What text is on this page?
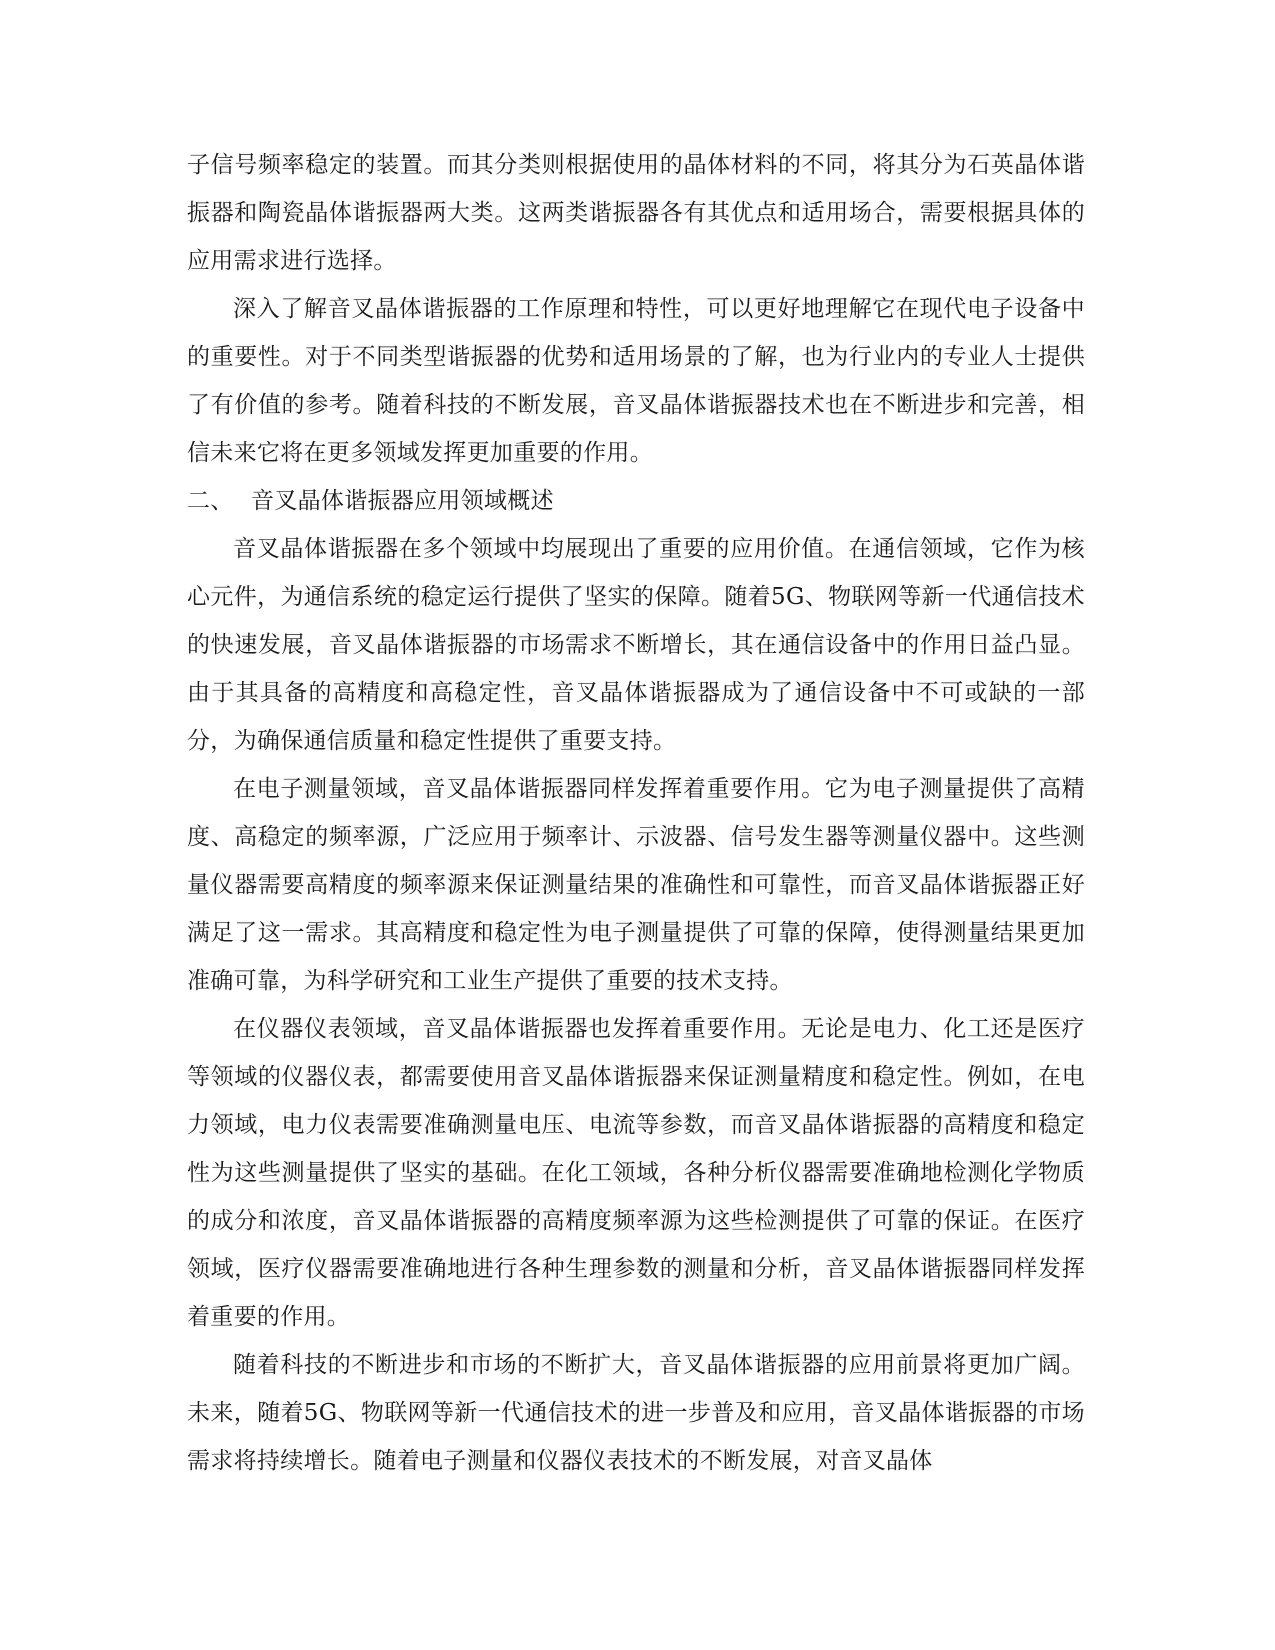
子信号频率稳定的装置。而其分类则根据使用的晶体材料的不同，将其分为石英晶体谐振器和陶瓷晶体谐振器两大类。这两类谐振器各有其优点和适用场合，需要根据具体的应用需求进行选择。

深入了解音叉晶体谐振器的工作原理和特性，可以更好地理解它在现代电子设备中的重要性。对于不同类型谐振器的优势和适用场景的了解，也为行业内的专业人士提供了有价值的参考。随着科技的不断发展，音叉晶体谐振器技术也在不断进步和完善，相信未来它将在更多领域发挥更加重要的作用。

二、 音叉晶体谐振器应用领域概述

音叉晶体谐振器在多个领域中均展现出了重要的应用价值。在通信领域，它作为核心元件，为通信系统的稳定运行提供了坚实的保障。随着5G、物联网等新一代通信技术的快速发展，音叉晶体谐振器的市场需求不断增长，其在通信设备中的作用日益凸显。由于其具备的高精度和高稳定性，音叉晶体谐振器成为了通信设备中不可或缺的一部分，为确保通信质量和稳定性提供了重要支持。

在电子测量领域，音叉晶体谐振器同样发挥着重要作用。它为电子测量提供了高精度、高稳定的频率源，广泛应用于频率计、示波器、信号发生器等测量仪器中。这些测量仪器需要高精度的频率源来保证测量结果的准确性和可靠性，而音叉晶体谐振器正好满足了这一需求。其高精度和稳定性为电子测量提供了可靠的保障，使得测量结果更加准确可靠，为科学研究和工业生产提供了重要的技术支持。

在仪器仪表领域，音叉晶体谐振器也发挥着重要作用。无论是电力、化工还是医疗等领域的仪器仪表，都需要使用音叉晶体谐振器来保证测量精度和稳定性。例如，在电力领域，电力仪表需要准确测量电压、电流等参数，而音叉晶体谐振器的高精度和稳定性为这些测量提供了坚实的基础。在化工领域，各种分析仪器需要准确地检测化学物质的成分和浓度，音叉晶体谐振器的高精度频率源为这些检测提供了可靠的保证。在医疗领域，医疗仪器需要准确地进行各种生理参数的测量和分析，音叉晶体谐振器同样发挥着重要的作用。

随着科技的不断进步和市场的不断扩大，音叉晶体谐振器的应用前景将更加广阔。未来，随着5G、物联网等新一代通信技术的进一步普及和应用，音叉晶体谐振器的市场需求将持续增长。随着电子测量和仪器仪表技术的不断发展，对音叉晶体
